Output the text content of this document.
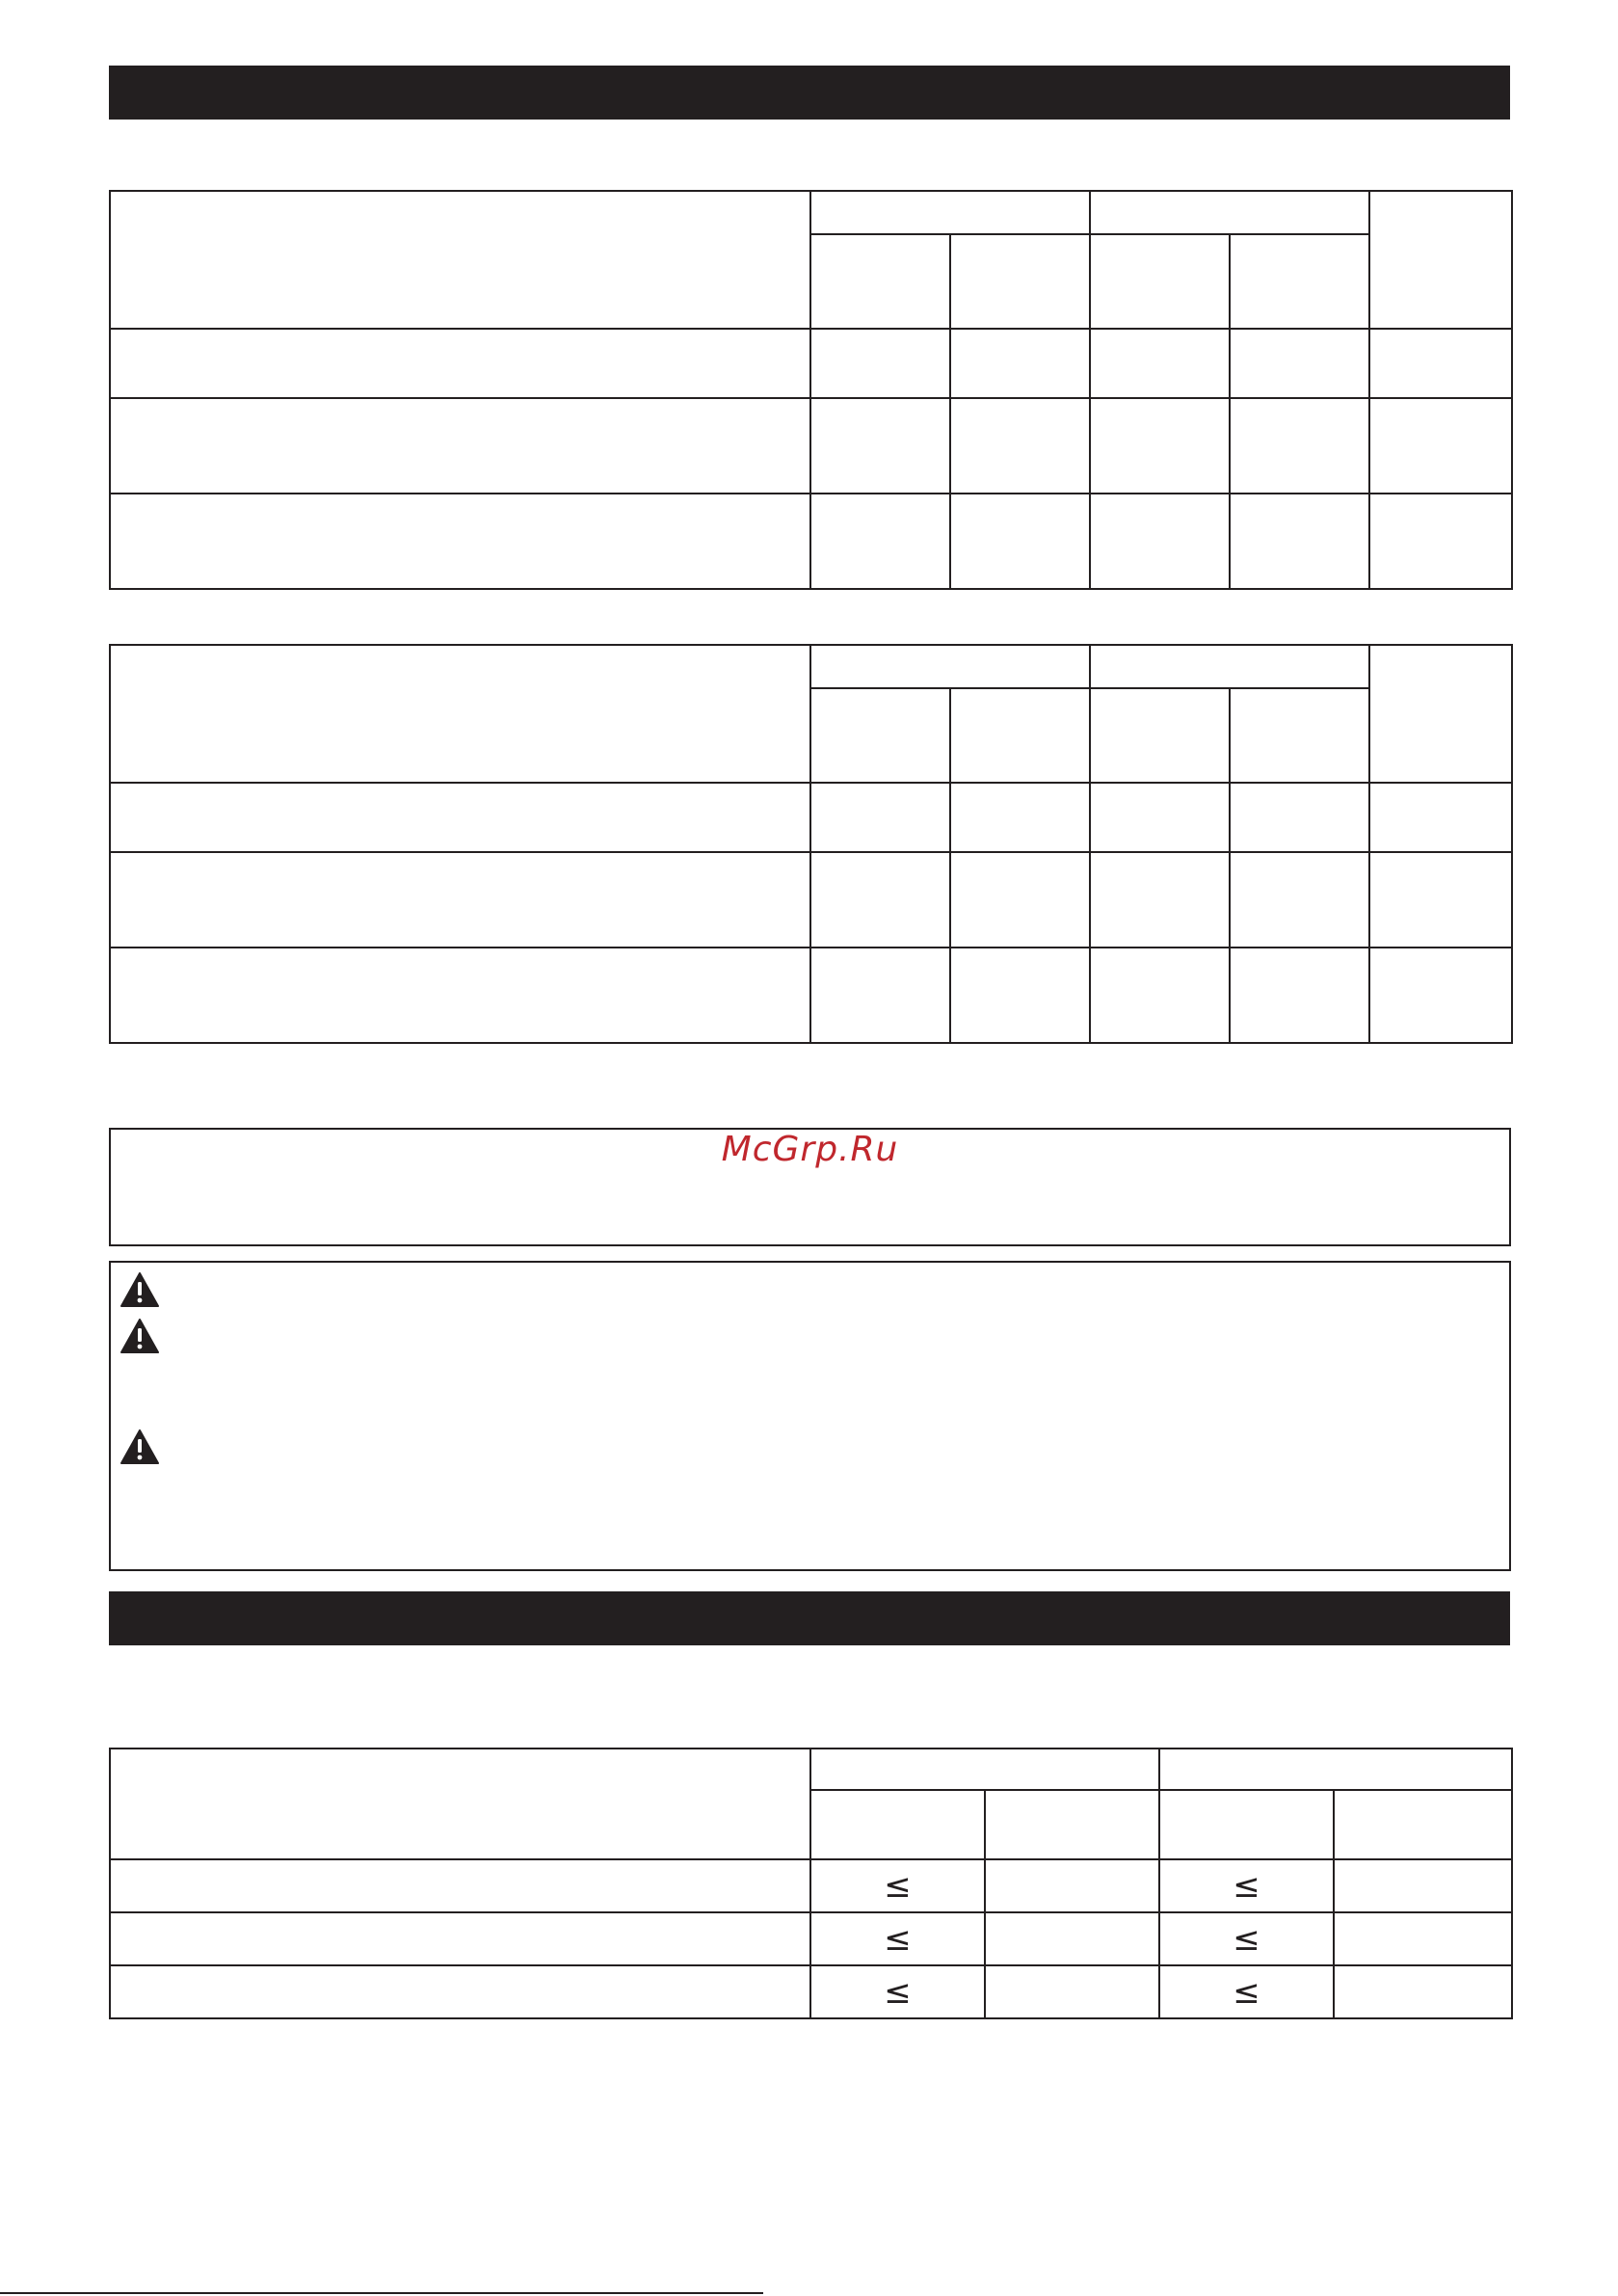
McGrp.Ru

	≤		≤	
	≤		≤	
	≤		≤	
